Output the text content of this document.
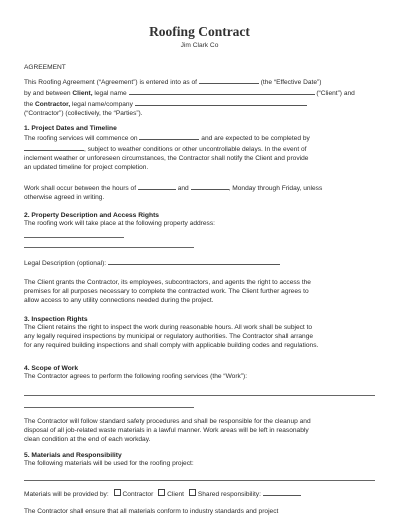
Roofing Contract
Jim Clark Co

AGREEMENT

This Roofing Agreement (“Agreement”) is entered into as of	(the “Effective Date”)

by and between Client, legal name	(“Client”) and

the Contractor, legal name/company

(“Contractor”) (collectively, the “Parties”).

1. Project Dates and Timeline

The roofing services will commence on	and are expected to be completed by

, subject to weather conditions or other uncontrollable delays. In the event of

inclement weather or unforeseen circumstances, the Contractor shall notify the Client and provide

an updated timeline for project completion.

Work shall occur between the hours of	and	, Monday through Friday, unless

otherwise agreed in writing.

2. Property Description and Access Rights

The roofing work will take place at the following property address:

Legal Description (optional):

The Client grants the Contractor, its employees, subcontractors, and agents the right to access the

premises for all purposes necessary to complete the contracted work. The Client further agrees to

allow access to any utility connections needed during the project.

3. Inspection Rights

The Client retains the right to inspect the work during reasonable hours. All work shall be subject to

any legally required inspections by municipal or regulatory authorities. The Contractor shall arrange

for any required building inspections and shall comply with applicable building codes and regulations.

4. Scope of Work

The Contractor agrees to perform the following roofing services (the “Work”):

The Contractor will follow standard safety procedures and shall be responsible for the cleanup and

disposal of all job-related waste materials in a lawful manner. Work areas will be left in reasonably

clean condition at the end of each workday.

5. Materials and Responsibility

The following materials will be used for the roofing project:

Materials will be provided by: Contractor Client Shared responsibility:

The Contractor shall ensure that all materials conform to industry standards and project
